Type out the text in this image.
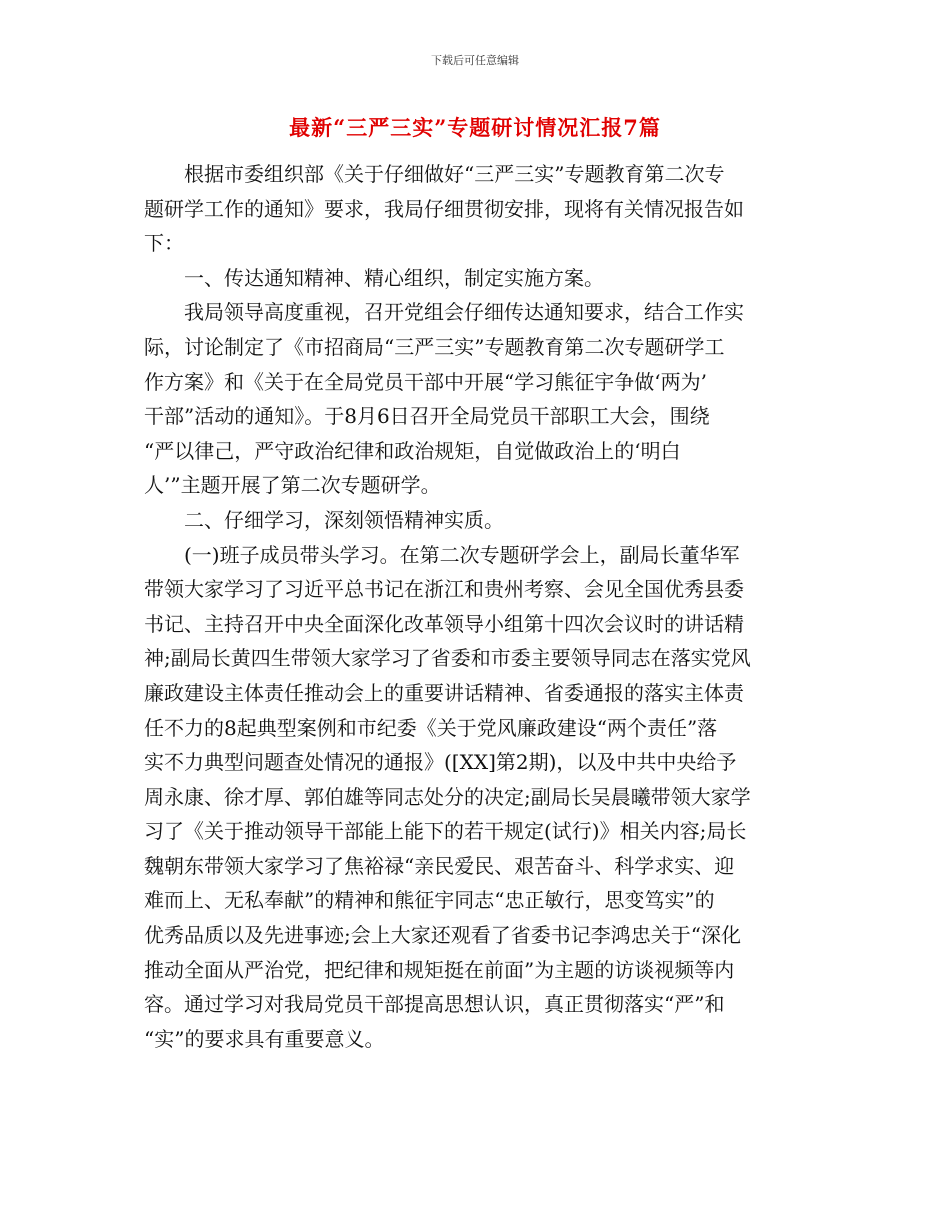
下载后可任意编辑
最新“三严三实”专题研讨情况汇报7篇

根据市委组织部《关于仔细做好“三严三实”专题教育第二次专
题研学工作的通知》要求，我局仔细贯彻安排，现将有关情况报告如
下：

一、传达通知精神、精心组织，制定实施方案。

我局领导高度重视，召开党组会仔细传达通知要求，结合工作实
际，讨论制定了《市招商局“三严三实”专题教育第二次专题研学工
作方案》和《关于在全局党员干部中开展“学习熊征宇争做‘两为’
干部”活动的通知》。于8月6日召开全局党员干部职工大会，围绕
“严以律己，严守政治纪律和政治规矩，自觉做政治上的‘明白
人’”主题开展了第二次专题研学。

二、仔细学习，深刻领悟精神实质。

(一)班子成员带头学习。在第二次专题研学会上，副局长董华军
带领大家学习了习近平总书记在浙江和贵州考察、会见全国优秀县委
书记、主持召开中央全面深化改革领导小组第十四次会议时的讲话精
神;副局长黄四生带领大家学习了省委和市委主要领导同志在落实党风
廉政建设主体责任推动会上的重要讲话精神、省委通报的落实主体责
任不力的8起典型案例和市纪委《关于党风廉政建设“两个责任”落
实不力典型问题查处情况的通报》([XX]第2期)，以及中共中央给予
周永康、徐才厚、郭伯雄等同志处分的决定;副局长吴晨曦带领大家学
习了《关于推动领导干部能上能下的若干规定(试行)》相关内容;局长
魏朝东带领大家学习了焦裕禄“亲民爱民、艰苦奋斗、科学求实、迎
难而上、无私奉献”的精神和熊征宇同志“忠正敏行，思变笃实”的
优秀品质以及先进事迹;会上大家还观看了省委书记李鸿忠关于“深化
推动全面从严治党，把纪律和规矩挺在前面”为主题的访谈视频等内
容。通过学习对我局党员干部提高思想认识，真正贯彻落实“严”和
“实”的要求具有重要意义。
